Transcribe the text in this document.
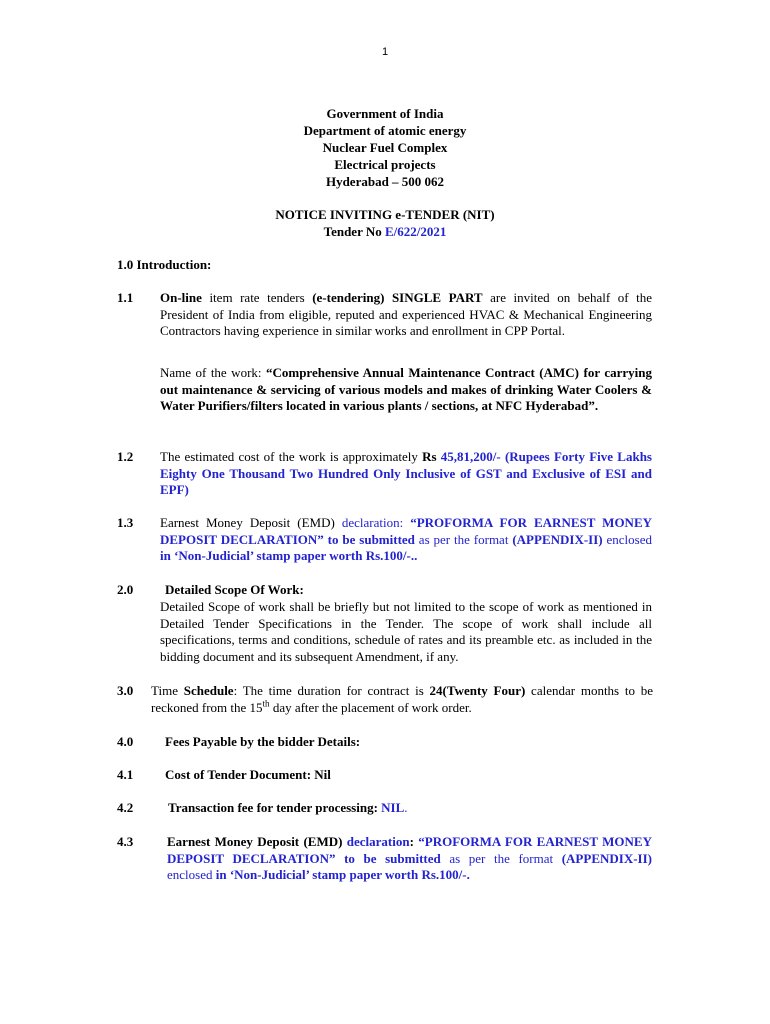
1
Government of India
Department of atomic energy
Nuclear Fuel Complex
Electrical projects
Hyderabad – 500 062
NOTICE INVITING e-TENDER (NIT)
Tender No E/622/2021
1.0 Introduction:
1.1 On-line item rate tenders (e-tendering) SINGLE PART are invited on behalf of the President of India from eligible, reputed and experienced HVAC & Mechanical Engineering Contractors having experience in similar works and enrollment in CPP Portal.
Name of the work: “Comprehensive Annual Maintenance Contract (AMC) for carrying out maintenance & servicing of various models and makes of drinking Water Coolers & Water Purifiers/filters located in various plants / sections, at NFC Hyderabad”.
1.2 The estimated cost of the work is approximately Rs 45,81,200/- (Rupees Forty Five Lakhs Eighty One Thousand Two Hundred Only Inclusive of GST and Exclusive of ESI and EPF)
1.3 Earnest Money Deposit (EMD) declaration: “PROFORMA FOR EARNEST MONEY DEPOSIT DECLARATION” to be submitted as per the format (APPENDIX-II) enclosed in ‘Non-Judicial’ stamp paper worth Rs.100/-..
2.0 Detailed Scope Of Work:
Detailed Scope of work shall be briefly but not limited to the scope of work as mentioned in Detailed Tender Specifications in the Tender. The scope of work shall include all specifications, terms and conditions, schedule of rates and its preamble etc. as included in the bidding document and its subsequent Amendment, if any.
3.0 Time Schedule: The time duration for contract is 24(Twenty Four) calendar months to be reckoned from the 15th day after the placement of work order.
4.0 Fees Payable by the bidder Details:
4.1 Cost of Tender Document: Nil
4.2	Transaction fee for tender processing: NIL.
4.3	Earnest Money Deposit (EMD) declaration: “PROFORMA FOR EARNEST MONEY DEPOSIT DECLARATION” to be submitted as per the format (APPENDIX-II) enclosed in ‘Non-Judicial’ stamp paper worth Rs.100/-.
